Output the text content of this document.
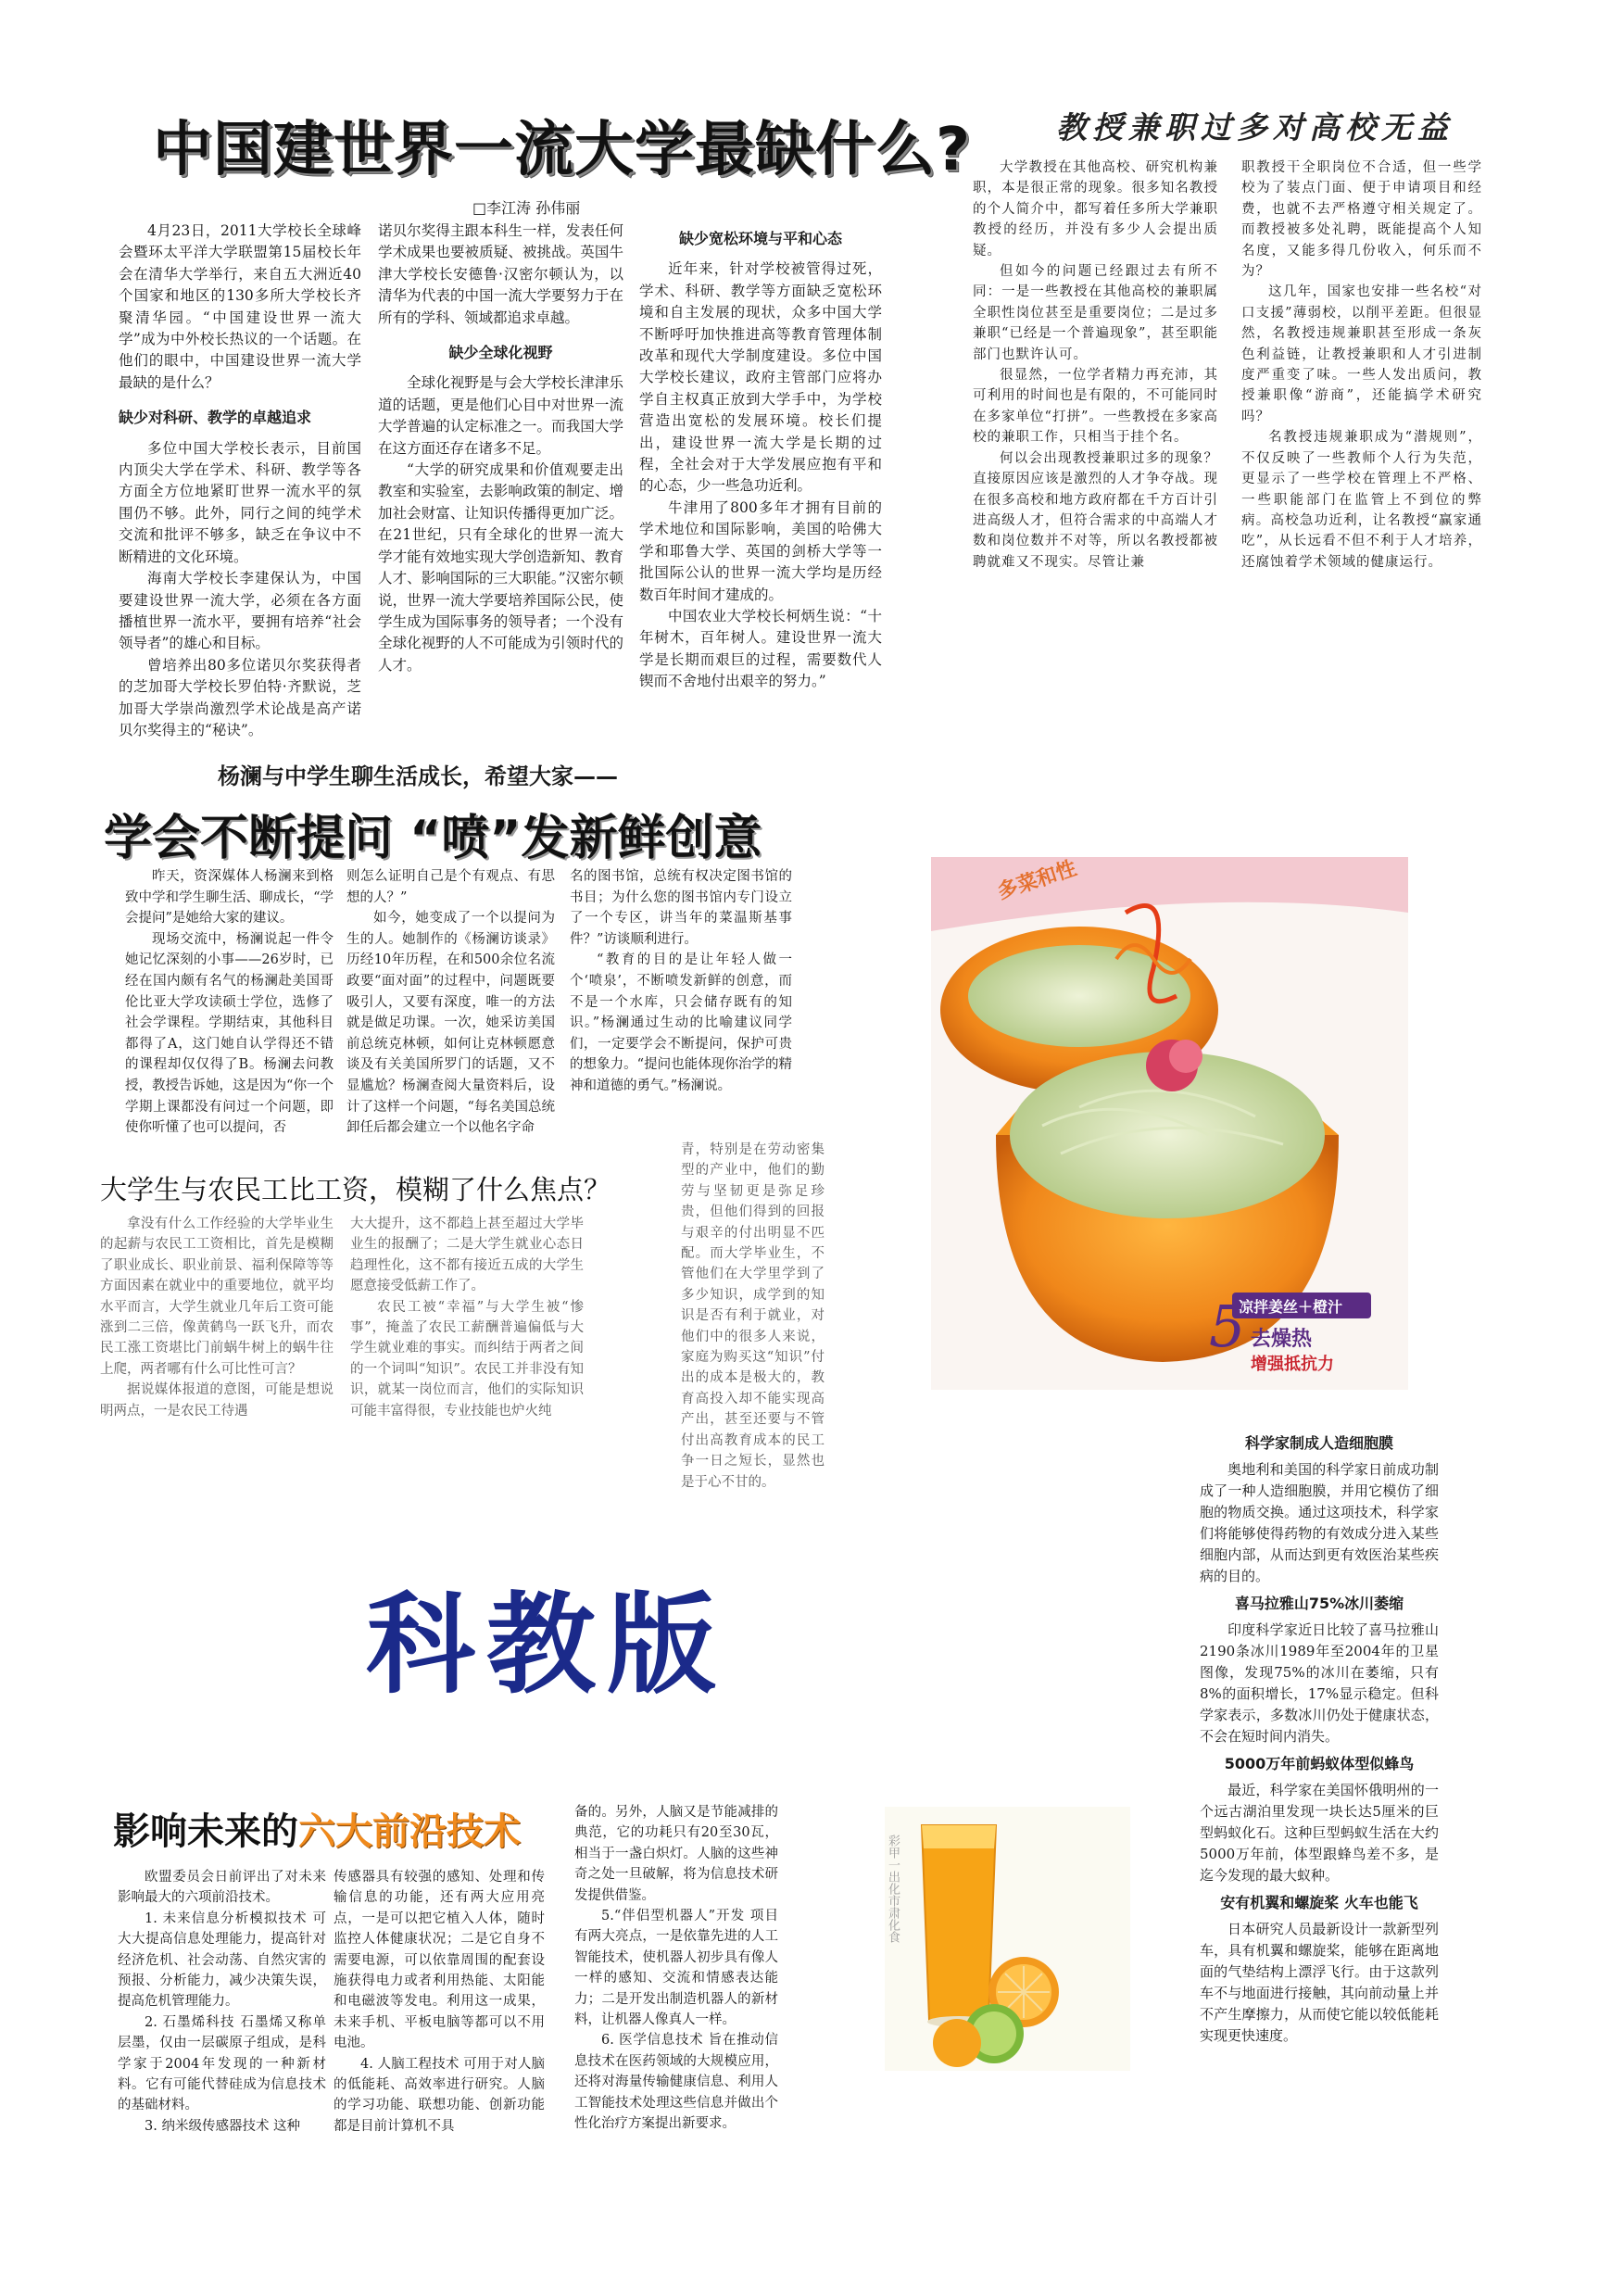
中国建世界一流大学最缺什么?
□李江涛 孙伟丽

4月23日，2011大学校长全球峰会暨环太平洋大学联盟第15届校长年会在清华大学举行，来自五大洲近40个国家和地区的130多所大学校长齐聚清华园。“中国建设世界一流大学”成为中外校长热议的一个话题。在他们的眼中，中国建设世界一流大学最缺的是什么？

缺少对科研、教学的卓越追求

多位中国大学校长表示，目前国内顶尖大学在学术、科研、教学等各方面全方位地紧盯世界一流水平的氛围仍不够。此外，同行之间的纯学术交流和批评不够多，缺乏在争议中不断精进的文化环境。

海南大学校长李建保认为，中国要建设世界一流大学，必须在各方面播植世界一流水平，要拥有培养“社会领导者”的雄心和目标。

曾培养出80多位诺贝尔奖获得者的芝加哥大学校长罗伯特·齐默说，芝加哥大学崇尚激烈学术论战是高产诺贝尔奖得主的“秘诀”。

诺贝尔奖得主跟本科生一样，发表任何学术成果也要被质疑、被挑战。英国牛津大学校长安德鲁·汉密尔顿认为，以清华为代表的中国一流大学要努力于在所有的学科、领域都追求卓越。

缺少全球化视野

全球化视野是与会大学校长津津乐道的话题，更是他们心目中对世界一流大学普遍的认定标准之一。而我国大学在这方面还存在诸多不足。

“大学的研究成果和价值观要走出教室和实验室，去影响政策的制定、增加社会财富、让知识传播得更加广泛。在21世纪，只有全球化的世界一流大学才能有效地实现大学创造新知、教育人才、影响国际的三大职能。”汉密尔顿说，世界一流大学要培养国际公民，使学生成为国际事务的领导者；一个没有全球化视野的人不可能成为引领时代的人才。

缺少宽松环境与平和心态

近年来，针对学校被管得过死，学术、科研、教学等方面缺乏宽松环境和自主发展的现状，众多中国大学不断呼吁加快推进高等教育管理体制改革和现代大学制度建设。多位中国大学校长建议，政府主管部门应将办学自主权真正放到大学手中，为学校营造出宽松的发展环境。校长们提出，建设世界一流大学是长期的过程，全社会对于大学发展应抱有平和的心态，少一些急功近利。

牛津用了800多年才拥有目前的学术地位和国际影响，美国的哈佛大学和耶鲁大学、英国的剑桥大学等一批国际公认的世界一流大学均是历经数百年时间才建成的。

中国农业大学校长柯炳生说：“十年树木，百年树人。建设世界一流大学是长期而艰巨的过程，需要数代人锲而不舍地付出艰辛的努力。”

教授兼职过多对高校无益

大学教授在其他高校、研究机构兼职，本是很正常的现象。很多知名教授的个人简介中，都写着任多所大学兼职教授的经历，并没有多少人会提出质疑。

但如今的问题已经跟过去有所不同：一是一些教授在其他高校的兼职属全职性岗位甚至是重要岗位；二是过多兼职“已经是一个普遍现象”，甚至职能部门也默许认可。

很显然，一位学者精力再充沛，其可利用的时间也是有限的，不可能同时在多家单位“打拼”。一些教授在多家高校的兼职工作，只相当于挂个名。

何以会出现教授兼职过多的现象？直接原因应该是激烈的人才争夺战。现在很多高校和地方政府都在千方百计引进高级人才，但符合需求的中高端人才数和岗位数并不对等，所以名教授都被聘就难又不现实。尽管让兼

职教授干全职岗位不合适，但一些学校为了装点门面、便于申请项目和经费，也就不去严格遵守相关规定了。而教授被多处礼聘，既能提高个人知名度，又能多得几份收入，何乐而不为？

这几年，国家也安排一些名校“对口支援”薄弱校，以削平差距。但很显然，名教授违规兼职甚至形成一条灰色利益链，让教授兼职和人才引进制度严重变了味。一些人发出质问，教授兼职像“游商”，还能搞学术研究吗？

名教授违规兼职成为“潜规则”，不仅反映了一些教师个人行为失范，更显示了一些学校在管理上不严格、一些职能部门在监管上不到位的弊病。高校急功近利，让名教授“赢家通吃”，从长远看不但不利于人才培养，还腐蚀着学术领域的健康运行。

杨澜与中学生聊生活成长，希望大家——
学会不断提问 “喷”发新鲜创意

昨天，资深媒体人杨澜来到格致中学和学生聊生活、聊成长，“学会提问”是她给大家的建议。

现场交流中，杨澜说起一件令她记忆深刻的小事——26岁时，已经在国内颇有名气的杨澜赴美国哥伦比亚大学攻读硕士学位，选修了社会学课程。学期结束，其他科目都得了A，这门她自认学得还不错的课程却仅仅得了B。杨澜去问教授，教授告诉她，这是因为“你一个学期上课都没有问过一个问题，即使你听懂了也可以提问，否

则怎么证明自己是个有观点、有思想的人？”

如今，她变成了一个以提问为生的人。她制作的《杨澜访谈录》历经10年历程，在和500余位名流政要“面对面”的过程中，问题既要吸引人，又要有深度，唯一的方法就是做足功课。一次，她采访美国前总统克林顿，如何让克林顿愿意谈及有关美国所罗门的话题，又不显尴尬？杨澜查阅大量资料后，设计了这样一个问题，“每名美国总统卸任后都会建立一个以他名字命

名的图书馆，总统有权决定图书馆的书目；为什么您的图书馆内专门设立了一个专区，讲当年的菜温斯基事件？”访谈顺利进行。

“教育的目的是让年轻人做一个‘喷泉’，不断喷发新鲜的创意，而不是一个水库，只会储存既有的知识。”杨澜通过生动的比喻建议同学们，一定要学会不断提问，保护可贵的想象力。“提问也能体现你治学的精神和道德的勇气。”杨澜说。

多菜和性
凉拌姜丝＋橙汁
5 去燥热
增强抵抗力
大学生与农民工比工资，模糊了什么焦点？

拿没有什么工作经验的大学毕业生的起薪与农民工工资相比，首先是模糊了职业成长、职业前景、福利保障等等方面因素在就业中的重要地位，就平均水平而言，大学生就业几年后工资可能涨到二三倍，像黄鹤鸟一跃飞升，而农民工涨工资堪比门前蜗牛树上的蜗牛往上爬，两者哪有什么可比性可言？

据说媒体报道的意图，可能是想说明两点，一是农民工待遇

大大提升，这不都趋上甚至超过大学毕业生的报酬了；二是大学生就业心态日趋理性化，这不都有接近五成的大学生愿意接受低薪工作了。

农民工被“幸福”与大学生被“惨事”，掩盖了农民工薪酬普遍偏低与大学生就业难的事实。而纠结于两者之间的一个词叫“知识”。农民工并非没有知识，就某一岗位而言，他们的实际知识可能丰富得很，专业技能也炉火纯

青，特别是在劳动密集型的产业中，他们的勤劳与坚韧更是弥足珍贵，但他们得到的回报与艰辛的付出明显不匹配。而大学毕业生，不管他们在大学里学到了多少知识，成学到的知识是否有利于就业，对他们中的很多人来说，家庭为购买这“知识”付出的成本是极大的，教育高投入却不能实现高产出，甚至还要与不管付出高教育成本的民工争一日之短长，显然也是于心不甘的。

科教版
科学家制成人造细胞膜

奥地利和美国的科学家日前成功制成了一种人造细胞膜，并用它模仿了细胞的物质交换。通过这项技术，科学家们将能够使得药物的有效成分进入某些细胞内部，从而达到更有效医治某些疾病的目的。

喜马拉雅山75%冰川萎缩

印度科学家近日比较了喜马拉雅山2190条冰川1989年至2004年的卫星图像，发现75%的冰川在萎缩，只有8%的面积增长，17%显示稳定。但科学家表示，多数冰川仍处于健康状态，不会在短时间内消失。

5000万年前蚂蚁体型似蜂鸟

最近，科学家在美国怀俄明州的一个远古湖泊里发现一块长达5厘米的巨型蚂蚁化石。这种巨型蚂蚁生活在大约5000万年前，体型跟蜂鸟差不多，是迄今发现的最大蚁种。

安有机翼和螺旋桨 火车也能飞

日本研究人员最新设计一款新型列车，具有机翼和螺旋桨，能够在距离地面的气垫结构上漂浮飞行。由于这款列车不与地面进行接触，其向前动量上并不产生摩擦力，从而使它能以较低能耗实现更快速度。

影响未来的六大前沿技术

欧盟委员会日前评出了对未来影响最大的六项前沿技术。

1. 未来信息分析模拟技术 可大大提高信息处理能力，提高针对经济危机、社会动荡、自然灾害的预报、分析能力，减少决策失误，提高危机管理能力。

2. 石墨烯科技 石墨烯又称单层墨，仅由一层碳原子组成，是科学家于2004年发现的一种新材料。它有可能代替硅成为信息技术的基础材料。

3. 纳米级传感器技术 这种

传感器具有较强的感知、处理和传输信息的功能，还有两大应用亮点，一是可以把它植入人体，随时监控人体健康状况；二是它自身不需要电源，可以依靠周围的配套设施获得电力或者利用热能、太阳能和电磁波等发电。利用这一成果，未来手机、平板电脑等都可以不用电池。

4. 人脑工程技术 可用于对人脑的低能耗、高效率进行研究。人脑的学习功能、联想功能、创新功能都是目前计算机不具

备的。另外，人脑又是节能减排的典范，它的功耗只有20至30瓦，相当于一盏白炽灯。人脑的这些神奇之处一旦破解，将为信息技术研发提供借鉴。

5.“伴侣型机器人”开发 项目有两大亮点，一是依靠先进的人工智能技术，使机器人初步具有像人一样的感知、交流和情感表达能力；二是开发出制造机器人的新材料，让机器人像真人一样。

6. 医学信息技术 旨在推动信息技术在医药领域的大规模应用，还将对海量传输健康信息、利用人工智能技术处理这些信息并做出个性化治疗方案提出新要求。

彩甲一出化市肃化食
